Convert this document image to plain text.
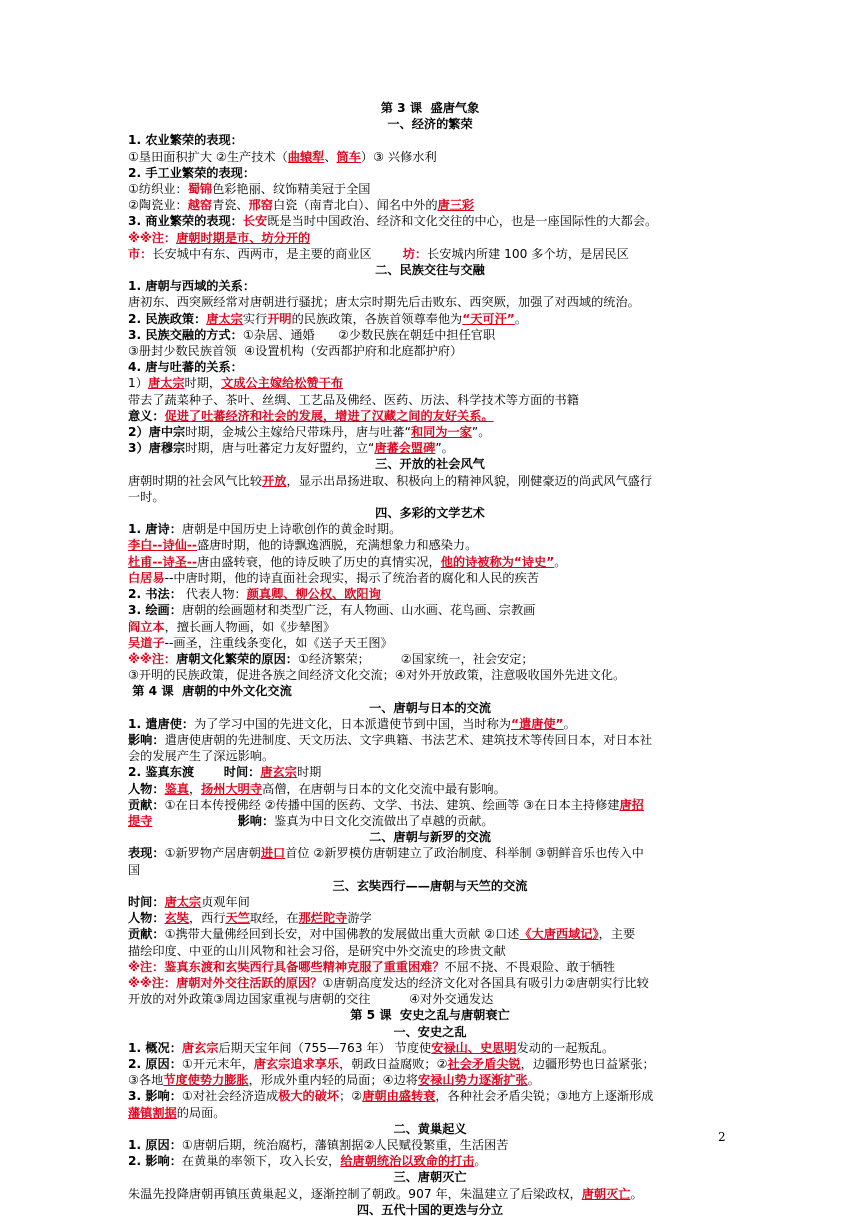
第 3 课  盛唐气象
一、经济的繁荣
1. 农业繁荣的表现：
①垦田面积扩大 ②生产技术（曲辕犁、筒车）③ 兴修水利
2. 手工业繁荣的表现：
①纺织业：蜀锦色彩艳丽、纹饰精美冠于全国
②陶瓷业：越窑青瓷、邢窑白瓷（南青北白）、闻名中外的唐三彩
3. 商业繁荣的表现：长安既是当时中国政治、经济和文化交往的中心，也是一座国际性的大都会。
※※注：唐朝时期是市、坊分开的
市：长安城中有东、西两市，是主要的商业区        坊：长安城内所建 100 多个坊，是居民区
二、民族交往与交融
1. 唐朝与西域的关系：
唐初东、西突厥经常对唐朝进行骚扰；唐太宗时期先后击败东、西突厥，加强了对西域的统治。
2. 民族政策：唐太宗实行开明的民族政策，各族首领尊奉他为“天可汗”。
3. 民族交融的方式：①杂居、通婚      ②少数民族在朝廷中担任官职
③册封少数民族首领  ④设置机构（安西都护府和北庭都护府）
4. 唐与吐蕃的关系：
1）唐太宗时期，文成公主嫁给松赞干布
带去了蔬菜种子、茶叶、丝绸、工艺品及佛经、医药、历法、科学技术等方面的书籍
意义：促进了吐蕃经济和社会的发展，增进了汉藏之间的友好关系。
2）唐中宗时期，金城公主嫁给尺带珠丹，唐与吐蕃“和同为一家”。
3）唐穆宗时期，唐与吐蕃定力友好盟约，立“唐蕃会盟碑”。
三、开放的社会风气
唐朝时期的社会风气比较开放，显示出昂扬进取、积极向上的精神风貌，刚健豪迈的尚武风气盛行
一时。
四、多彩的文学艺术
1. 唐诗：唐朝是中国历史上诗歌创作的黄金时期。
李白--诗仙--盛唐时期，他的诗飘逸洒脱，充满想象力和感染力。
杜甫--诗圣--唐由盛转衰，他的诗反映了历史的真情实况，他的诗被称为“诗史”。
白居易--中唐时期，他的诗直面社会现实，揭示了统治者的腐化和人民的疾苦
2. 书法： 代表人物：颜真卿、柳公权、欧阳询
3. 绘画：唐朝的绘画题材和类型广泛，有人物画、山水画、花鸟画、宗教画
阎立本，擅长画人物画，如《步辇图》
吴道子--画圣，注重线条变化，如《送子天王图》
※※注：唐朝文化繁荣的原因：①经济繁荣；        ②国家统一，社会安定；
③开明的民族政策，促进各族之间经济文化交流；④对外开放政策，注意吸收国外先进文化。
第 4 课  唐朝的中外文化交流
一、唐朝与日本的交流
1. 遣唐使：为了学习中国的先进文化，日本派遣使节到中国，当时称为“遣唐使”。
影响：遣唐使唐朝的先进制度、天文历法、文字典籍、书法艺术、建筑技术等传回日本，对日本社
会的发展产生了深远影响。
2. 鉴真东渡       时间：唐玄宗时期
人物：鉴真，扬州大明寺高僧，在唐朝与日本的文化交流中最有影响。
贡献：①在日本传授佛经 ②传播中国的医药、文学、书法、建筑、绘画等 ③在日本主持修建唐招
提寺	影响：鉴真为中日文化交流做出了卓越的贡献。
二、唐朝与新罗的交流
表现：①新罗物产居唐朝进口首位 ②新罗模仿唐朝建立了政治制度、科举制 ③朝鲜音乐也传入中
国
三、玄奘西行——唐朝与天竺的交流
时间：唐太宗贞观年间
人物：玄奘，西行天竺取经，在那烂陀寺游学
贡献：①携带大量佛经回到长安，对中国佛教的发展做出重大贡献 ②口述《大唐西域记》，主要
描绘印度、中亚的山川风物和社会习俗，是研究中外交流史的珍贵文献
※注：鉴真东渡和玄奘西行具备哪些精神克服了重重困难？不屈不挠、不畏艰险、敢于牺牲
※※注：唐朝对外交往活跃的原因？①唐朝高度发达的经济文化对各国具有吸引力②唐朝实行比较
开放的对外政策③周边国家重视与唐朝的交往          ④对外交通发达
第 5 课  安史之乱与唐朝衰亡
一、安史之乱
1. 概况：唐玄宗后期天宝年间（755—763 年） 节度使安禄山、史思明发动的一起叛乱。
2. 原因：①开元末年，唐玄宗追求享乐，朝政日益腐败；②社会矛盾尖锐，边疆形势也日益紧张；
③各地节度使势力膨胀，形成外重内轻的局面；④边将安禄山势力逐渐扩张。
3. 影响：①对社会经济造成极大的破坏；②唐朝由盛转衰，各种社会矛盾尖锐；③地方上逐渐形成
藩镇割据的局面。
二、黄巢起义
1. 原因：①唐朝后期，统治腐朽，藩镇割据②人民赋役繁重，生活困苦
2. 影响：在黄巢的率领下，攻入长安，给唐朝统治以致命的打击。
三、唐朝灭亡
朱温先投降唐朝再镇压黄巢起义，逐渐控制了朝政。907 年，朱温建立了后梁政权，唐朝灭亡。
四、五代十国的更迭与分立
2
